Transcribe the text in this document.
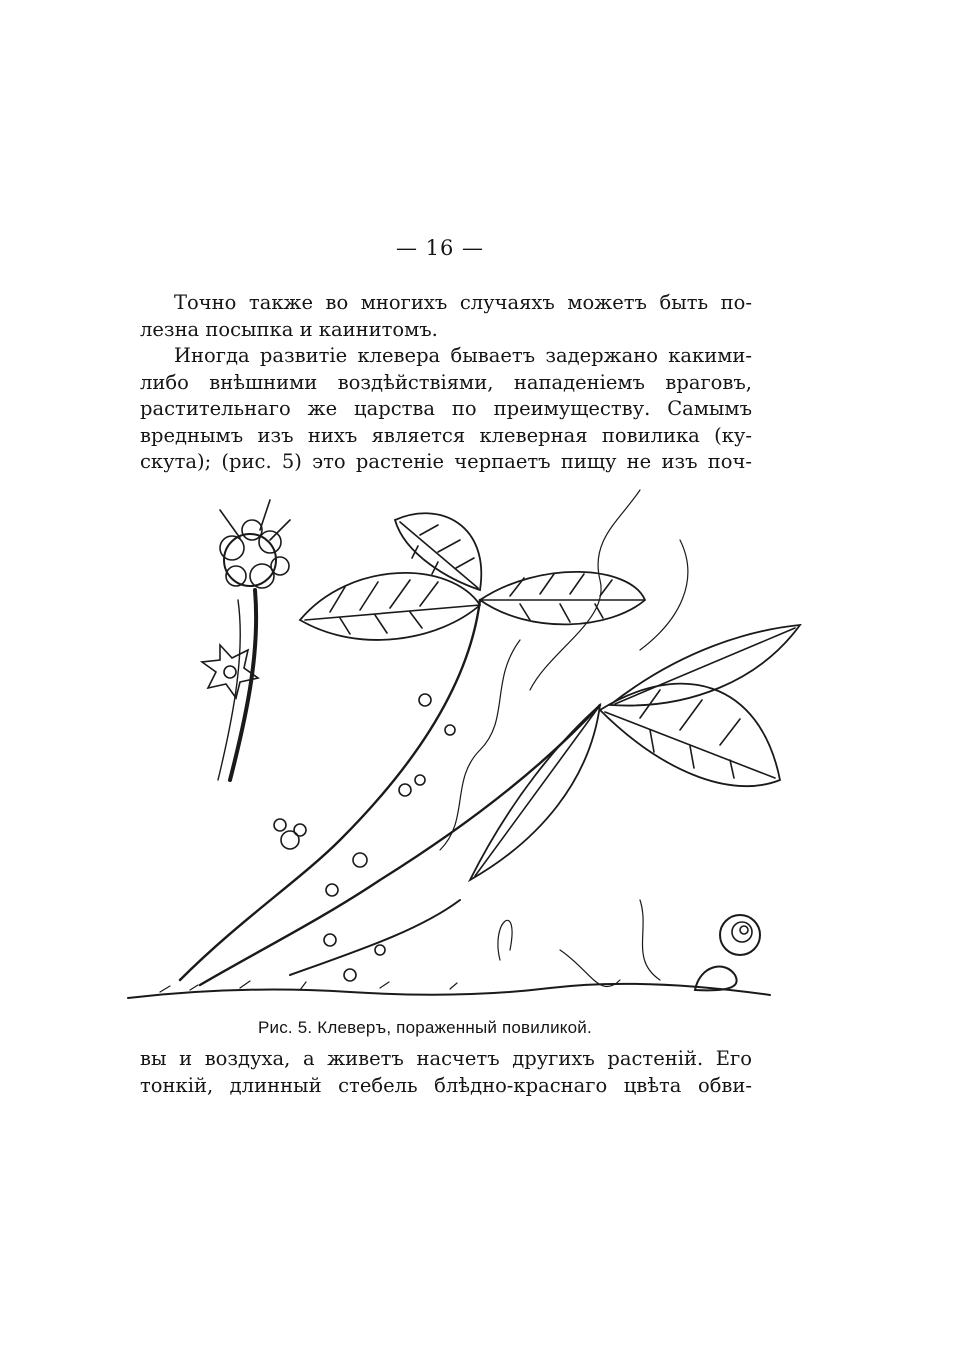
— 16 —
Точно также во многихъ случаяхъ можетъ быть по-
лезна посыпка и каинитомъ.
Иногда развитіе клевера бываетъ задержано какими-
либо внѣшними воздѣйствіями, нападеніемъ враговъ,
растительнаго же царства по преимуществу. Самымъ
вреднымъ изъ нихъ является клеверная повилика (ку-
скута); (рис. 5) это растеніе черпаетъ пищу не изъ поч-
Рис. 5. Клеверъ, пораженный повиликой.
вы и воздуха, а живетъ насчетъ другихъ растеній. Его
тонкій, длинный стебель блѣдно-краснаго цвѣта обви-
